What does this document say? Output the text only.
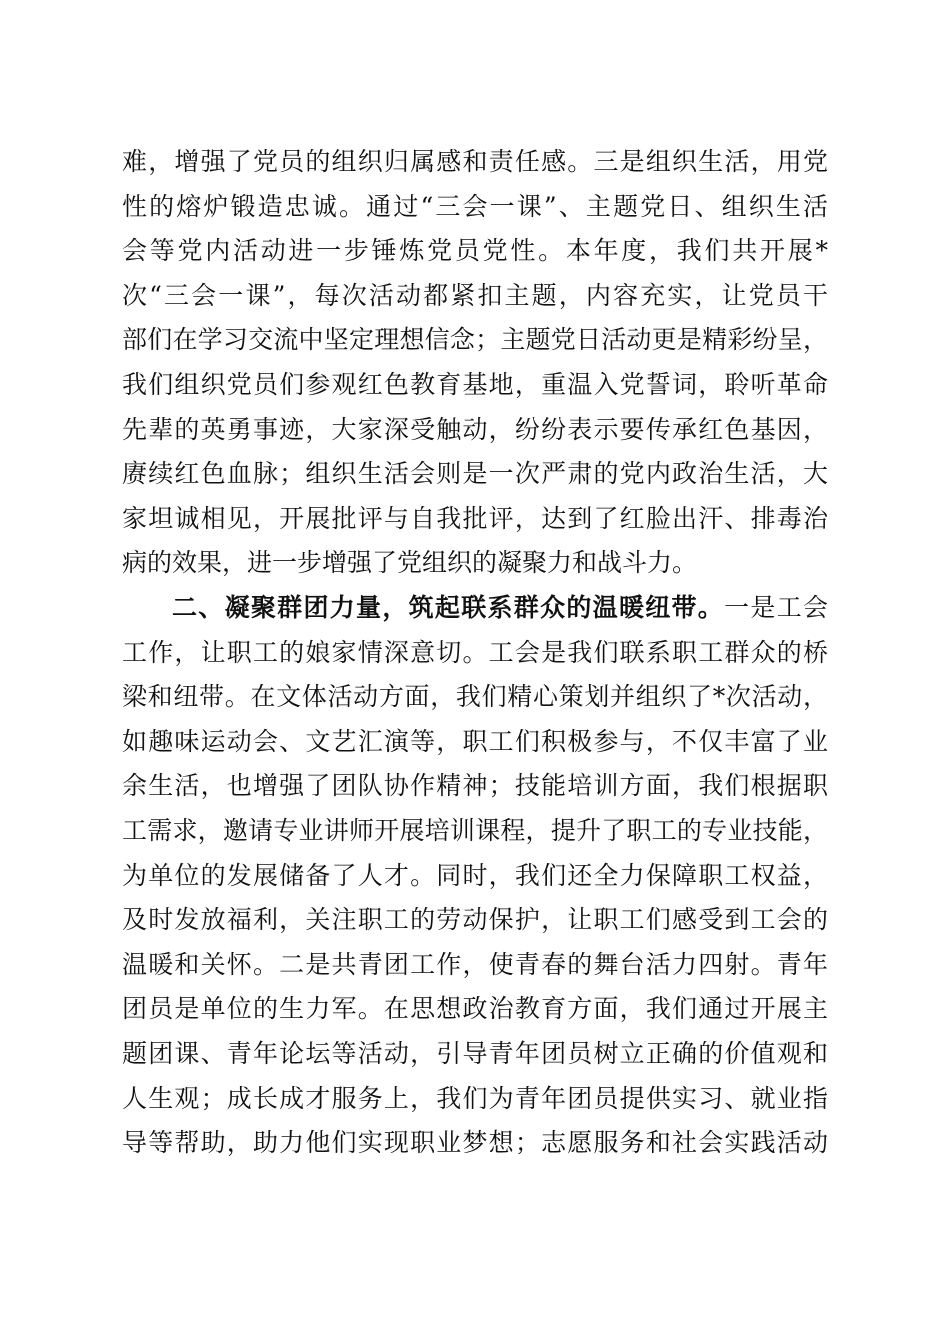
难，增强了党员的组织归属感和责任感。三是组织生活，用党
性的熔炉锻造忠诚。通过“三会一课”、主题党日、组织生活
会等党内活动进一步锤炼党员党性。本年度，我们共开展*
次“三会一课”，每次活动都紧扣主题，内容充实，让党员干
部们在学习交流中坚定理想信念；主题党日活动更是精彩纷呈，
我们组织党员们参观红色教育基地，重温入党誓词，聆听革命
先辈的英勇事迹，大家深受触动，纷纷表示要传承红色基因，
赓续红色血脉；组织生活会则是一次严肃的党内政治生活，大
家坦诚相见，开展批评与自我批评，达到了红脸出汗、排毒治
病的效果，进一步增强了党组织的凝聚力和战斗力。
二、凝聚群团力量，筑起联系群众的温暖纽带。一是工会
工作，让职工的娘家情深意切。工会是我们联系职工群众的桥
梁和纽带。在文体活动方面，我们精心策划并组织了*次活动，
如趣味运动会、文艺汇演等，职工们积极参与，不仅丰富了业
余生活，也增强了团队协作精神；技能培训方面，我们根据职
工需求，邀请专业讲师开展培训课程，提升了职工的专业技能，
为单位的发展储备了人才。同时，我们还全力保障职工权益，
及时发放福利，关注职工的劳动保护，让职工们感受到工会的
温暖和关怀。二是共青团工作，使青春的舞台活力四射。青年
团员是单位的生力军。在思想政治教育方面，我们通过开展主
题团课、青年论坛等活动，引导青年团员树立正确的价值观和
人生观；成长成才服务上，我们为青年团员提供实习、就业指
导等帮助，助力他们实现职业梦想；志愿服务和社会实践活动
